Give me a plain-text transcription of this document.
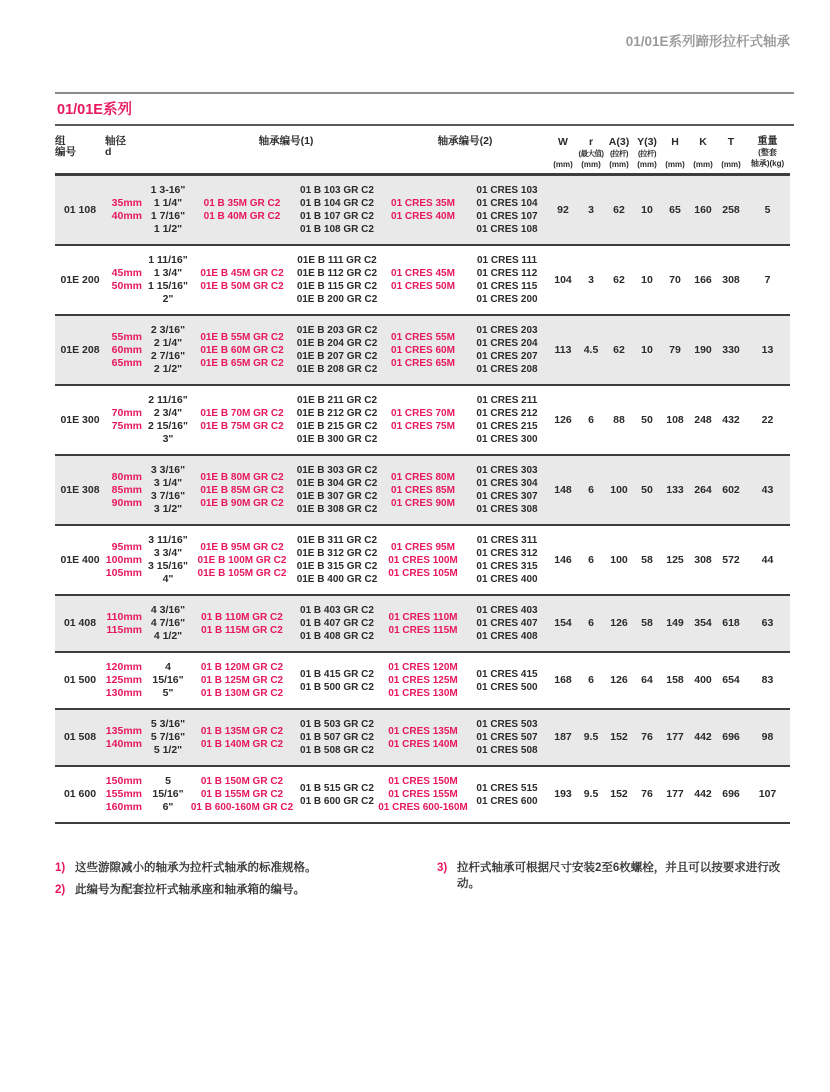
01/01E系列蹄形拉杆式轴承
01/01E系列
组
编号
轴径
d
轴承编号(1)	轴承编号(2)	W
(mm)
r
(最大值)
(mm)
A(3)
(拉杆)
(mm)
Y(3)
(拉杆)
(mm)
H
(mm)
K
(mm)
T
(mm)
重量
(整套
轴承)(kg)
01 108
35mm
40mm
1 3-16"
1 1/4"
1 7/16"
1 1/2"
01 B 35M GR C2
01 B 40M GR C2
01 B 103 GR C2
01 B 104 GR C2
01 B 107 GR C2
01 B 108 GR C2
01 CRES 35M
01 CRES 40M
01 CRES 103
01 CRES 104
01 CRES 107
01 CRES 108
92 3 62 10 65 160 258 5
01E 200
45mm
50mm
1 11/16"
1 3/4"
1 15/16"
2"
01E B 45M GR C2
01E B 50M GR C2
01E B 111 GR C2
01E B 112 GR C2
01E B 115 GR C2
01E B 200 GR C2
01 CRES 45M
01 CRES 50M
01 CRES 111
01 CRES 112
01 CRES 115
01 CRES 200
104 3 62 10 70 166 308 7
01E 208
55mm
60mm
65mm
2 3/16"
2 1/4"
2 7/16"
2 1/2"
01E B 55M GR C2
01E B 60M GR C2
01E B 65M GR C2
01E B 203 GR C2
01E B 204 GR C2
01E B 207 GR C2
01E B 208 GR C2
01 CRES 55M
01 CRES 60M
01 CRES 65M
01 CRES 203
01 CRES 204
01 CRES 207
01 CRES 208
113 4.5 62 10 79 190 330 13
01E 300
70mm
75mm
2 11/16"
2 3/4"
2 15/16"
3"
01E B 70M GR C2
01E B 75M GR C2
01E B 211 GR C2
01E B 212 GR C2
01E B 215 GR C2
01E B 300 GR C2
01 CRES 70M
01 CRES 75M
01 CRES 211
01 CRES 212
01 CRES 215
01 CRES 300
126 6 88 50 108 248 432 22
01E 308
80mm
85mm
90mm
3 3/16"
3 1/4"
3 7/16"
3 1/2"
01E B 80M GR C2
01E B 85M GR C2
01E B 90M GR C2
01E B 303 GR C2
01E B 304 GR C2
01E B 307 GR C2
01E B 308 GR C2
01 CRES 80M
01 CRES 85M
01 CRES 90M
01 CRES 303
01 CRES 304
01 CRES 307
01 CRES 308
148 6 100 50 133 264 602 43
01E 400
95mm
100mm
105mm
3 11/16"
3 3/4"
3 15/16"
4"
01E B 95M GR C2
01E B 100M GR C2
01E B 105M GR C2
01E B 311 GR C2
01E B 312 GR C2
01E B 315 GR C2
01E B 400 GR C2
01 CRES 95M
01 CRES 100M
01 CRES 105M
01 CRES 311
01 CRES 312
01 CRES 315
01 CRES 400
146 6 100 58 125 308 572 44
01 408
110mm
115mm
4 3/16"
4 7/16"
4 1/2"
01 B 110M GR C2
01 B 115M GR C2
01 B 403 GR C2
01 B 407 GR C2
01 B 408 GR C2
01 CRES 110M
01 CRES 115M
01 CRES 403
01 CRES 407
01 CRES 408
154 6 126 58 149 354 618 63
01 500
120mm
125mm
130mm
4
15/16"
5"
01 B 120M GR C2
01 B 125M GR C2
01 B 130M GR C2
01 B 415 GR C2
01 B 500 GR C2
01 CRES 120M
01 CRES 125M
01 CRES 130M
01 CRES 415
01 CRES 500
168 6 126 64 158 400 654 83
01 508
135mm
140mm
5 3/16"
5 7/16"
5 1/2"
01 B 135M GR C2
01 B 140M GR C2
01 B 503 GR C2
01 B 507 GR C2
01 B 508 GR C2
01 CRES 135M
01 CRES 140M
01 CRES 503
01 CRES 507
01 CRES 508
187 9.5 152 76 177 442 696 98
01 600
150mm
155mm
160mm
5
15/16"
6"
01 B 150M GR C2
01 B 155M GR C2
01 B 600-160M GR C2
01 B 515 GR C2
01 B 600 GR C2
01 CRES 150M
01 CRES 155M
01 CRES 600-160M
01 CRES 515
01 CRES 600
193 9.5 152 76 177 442 696 107
1) 这些游隙减小的轴承为拉杆式轴承的标准规格。
2) 此编号为配套拉杆式轴承座和轴承箱的编号。
3) 拉杆式轴承可根据尺寸安装2至6枚螺栓，并且可以按要求进行改动。
